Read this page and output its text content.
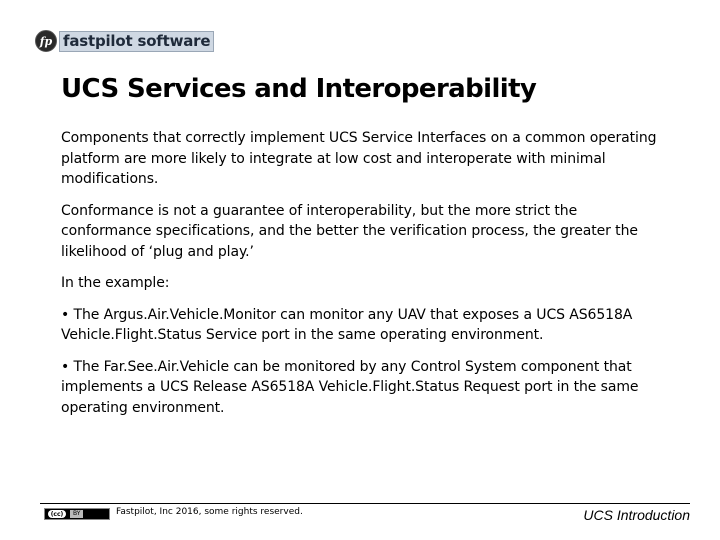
fp fastpilot software
UCS Services and Interoperability

Components that correctly implement UCS Service Interfaces on a common operating platform are more likely to integrate at low cost and interoperate with minimal modifications.

Conformance is not a guarantee of interoperability, but the more strict the conformance specifications, and the better the verification process, the greater the likelihood of ‘plug and play.’

In the example:

• The Argus.Air.Vehicle.Monitor can monitor any UAV that exposes a UCS AS6518A Vehicle.Flight.Status Service port in the same operating environment.

• The Far.See.Air.Vehicle can be monitored by any Control System component that implements a UCS Release AS6518A Vehicle.Flight.Status Request port in the same operating environment.

(cc)	BY	Fastpilot, Inc 2016, some rights reserved.	UCS Introduction
